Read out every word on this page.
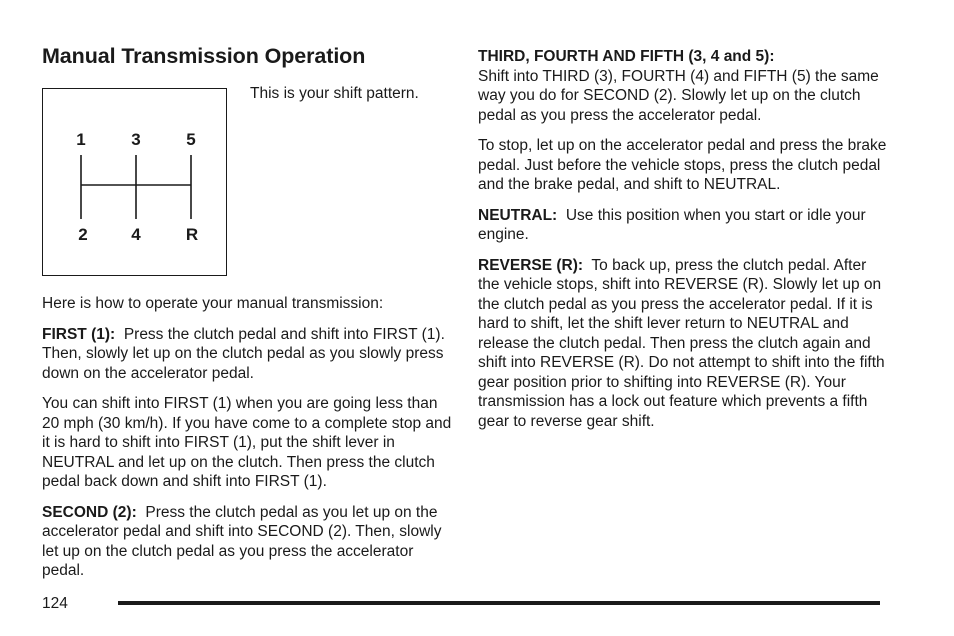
Manual Transmission Operation
1	3	5
2	4	R

This is your shift pattern.

Here is how to operate your manual transmission:

FIRST (1): Press the clutch pedal and shift into FIRST (1). Then, slowly let up on the clutch pedal as you slowly press down on the accelerator pedal.

You can shift into FIRST (1) when you are going less than 20 mph (30 km/h). If you have come to a complete stop and it is hard to shift into FIRST (1), put the shift lever in NEUTRAL and let up on the clutch. Then press the clutch pedal back down and shift into FIRST (1).

SECOND (2): Press the clutch pedal as you let up on the accelerator pedal and shift into SECOND (2). Then, slowly let up on the clutch pedal as you press the accelerator pedal.

THIRD, FOURTH AND FIFTH (3, 4 and 5):
Shift into THIRD (3), FOURTH (4) and FIFTH (5) the same way you do for SECOND (2). Slowly let up on the clutch pedal as you press the accelerator pedal.

To stop, let up on the accelerator pedal and press the brake pedal. Just before the vehicle stops, press the clutch pedal and the brake pedal, and shift to NEUTRAL.

NEUTRAL: Use this position when you start or idle your engine.

REVERSE (R): To back up, press the clutch pedal. After the vehicle stops, shift into REVERSE (R). Slowly let up on the clutch pedal as you press the accelerator pedal. If it is hard to shift, let the shift lever return to NEUTRAL and release the clutch pedal. Then press the clutch again and shift into REVERSE (R). Do not attempt to shift into the fifth gear position prior to shifting into REVERSE (R). Your transmission has a lock out feature which prevents a fifth gear to reverse gear shift.

124
